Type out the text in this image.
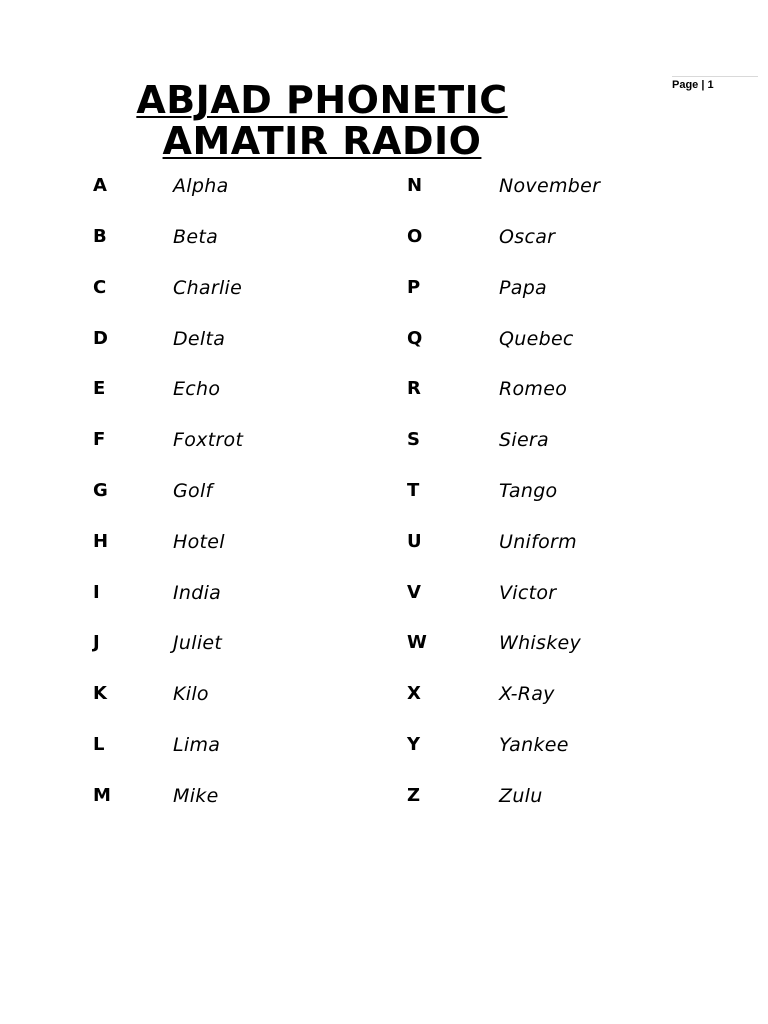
Page | 1
ABJAD PHONETIC
AMATIR RADIO
A	Alpha
B	Beta
C	Charlie
D	Delta
E	Echo
F	Foxtrot
G	Golf
H	Hotel
I	India
J	Juliet
K	Kilo
L	Lima
M	Mike
N	November
O	Oscar
P	Papa
Q	Quebec
R	Romeo
S	Siera
T	Tango
U	Uniform
V	Victor
W	Whiskey
X	X-Ray
Y	Yankee
Z	Zulu
